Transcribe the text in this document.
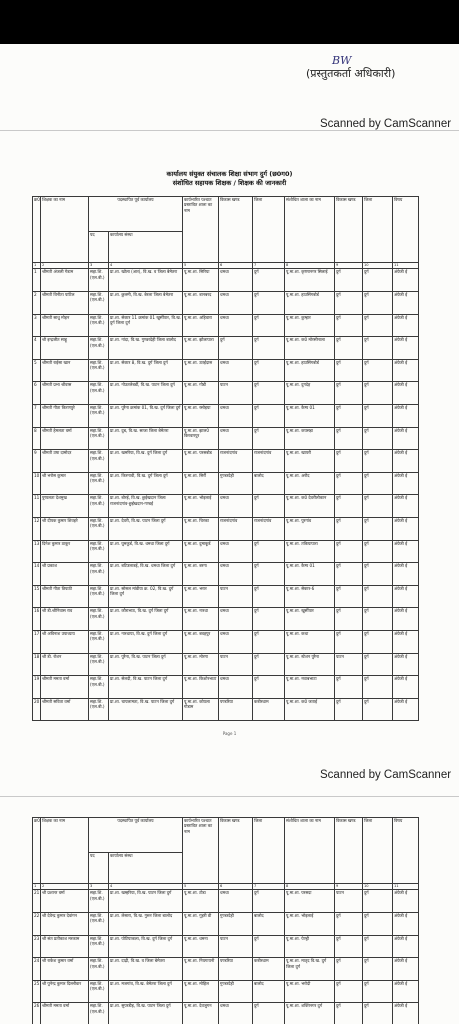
BW
(प्रस्तुतकर्ता अधिकारी)
Scanned by CamScanner
कार्यालय संयुक्त संचालक शिक्षा संभाग दुर्ग (छ0ग0)
संशोधित सहायक शिक्षक / शिक्षक की जानकारी
क्र0	शिक्षक का नाम	पदस्थापित पूर्व कार्यालय		कार्यभारित पश्चात प्रस्तावित शाला का नाम	विकास खण्ड	जिला	संशोधित शाला का नाम	विकास खण्ड	जिला	विषय
		पद	कार्यालय संस्था							
1	2	3	4	5	6	7	8	9	10	11
1	श्रीमती अंजली गेडाम	सहा.शि. (एल.बी.)	प्रा.शा. खोला (आर), वि.ख. व जिला बेमेतरा	पू.मा.शा. सिरिया	धमधा	दुर्ग	पू.मा.शा. कृष्णानगर सिलाई	दुर्ग	दुर्ग	अंग्रेजी ई
2	श्रीमती विनीता पाटिल	सहा.शि. (एल.बी.)	प्रा.शा. छुलमी, वि.ख. बेरला जिला बेमेतरा	पू.मा.शा. बानबरद	धमधा	दुर्ग	पू.मा.शा. हाउसिंगबोर्ड	दुर्ग	दुर्ग	अंग्रेजी ई
3	श्रीमती साधु मोहन	सहा.शि. (एल.बी.)	प्रा.शा. सेक्टर 11 क्रमांक 01 खुर्सीपार, वि.ख. दुर्ग जिला दुर्ग	पू.मा.शा. अहिवारा	धमधा	दुर्ग	पू.मा.शा. कुम्हार	दुर्ग	दुर्ग	अंग्रेजी ई
4	श्री इन्द्रजीत साहू	सहा.शि. (एल.बी.)	प्रा.शा. नांदा, वि.ख. गुण्डरदेही जिला बालोद	पू.मा.शा. झोलापारा	दुर्ग	दुर्ग	पू.मा.शा. क0 मोरसीनाला	दुर्ग	दुर्ग	अंग्रेजी ई
5	श्रीमती राईसा खान	सहा.शि. (एल.बी.)	प्रा.शा. सेक्टर 8, वि.ख. दुर्ग जिला दुर्ग	पू.मा.शा. उतईदास	धमधा	दुर्ग	पू.मा.शा. हाउसिंगबोर्ड	दुर्ग	दुर्ग	अंग्रेजी ई
6	श्रीमती प्रभा श्रीवास	सहा.शि. (एल.बी.)	प्रा.शा. नोउतलेबर्डी, वि.ख. पाटन जिला दुर्ग	पू.मा.शा. गोडी	पाटन	दुर्ग	पू.मा.शा. दुगदेह	दुर्ग	दुर्ग	अंग्रेजी ई
7	श्रीमती गीता किरणपुरे	सहा.शि. (एल.बी.)	प्रा.शा. पुरैना क्रमांक 01, वि.ख. दुर्ग जिला दुर्ग	पू.मा.शा. रसोइया	धमधा	दुर्ग	पू.मा.शा. कैम्प 01	दुर्ग	दुर्ग	अंग्रेजी ई
8	श्रीमती हेमलता वर्मा	सहा.शि. (एल.बी.)	प्रा.शा. दुब, वि.ख. साजा जिला बेमेतरा	पू.मा.शा. झाल0 किरवारपुर	धमधा	दुर्ग	पू.मा.शा. कपसड़ा	दुर्ग	दुर्ग	अंग्रेजी ई
9	श्रीमती उषा दामोदर	सहा.शि. (एल.बी.)	प्रा.शा. खमरिया, वि.ख. दुर्ग जिला दुर्ग	पू.मा.शा. परसबोड	राजनांदगांव	राजनांदगांव	पू.मा.शा. खापरी	दुर्ग	दुर्ग	अंग्रेजी ई
10	श्री भरोस कुमार	सहा.शि. (एल.बी.)	प्रा.शा. किरनावी, वि.ख. दुर्ग जिला दुर्ग	पू.मा.शा. सिर्री	गुण्डरदेही	बालोद	पू.मा.शा. अरौद	दुर्ग	दुर्ग	अंग्रेजी ई
11	पुष्पलता देशमुख	सहा.शि. (एल.बी.)	प्रा.शा. बोरई, वि.ख. छुईखदान जिला राजनांदगांव-छुईखदान-गण्डई	पू.मा.शा. भोइलाई	धमधा	दुर्ग	पू.मा.शा. क0 देवरीलोकान	दुर्ग	दुर्ग	अंग्रेजी ई
12	श्री दीपक कुमार शिवहरे	सहा.शि. (एल.बी.)	प्रा.शा. देवरी, वि.ख. पाटन जिला दुर्ग	पू.मा.शा. चिरका	राजनांदगांव	राजनांदगांव	पू.मा.शा. पुरगांव	दुर्ग	दुर्ग	अंग्रेजी ई
13	दिनेश कुमार ठाकुर	सहा.शि. (एल.बी.)	प्रा.शा. घुमकूर्ड, वि.ख. धमधा जिला दुर्ग	पू.मा.शा. दुमाकूर्ड	धमधा	दुर्ग	पू.मा.शा. तकियापारा	दुर्ग	दुर्ग	अंग्रेजी ई
14	श्री प्रकाश	सहा.शि. (एल.बी.)	प्रा.शा. बटिउलाडई, वि.ख. धमधा जिला दुर्ग	पू.मा.शा. बरगा	धमधा	दुर्ग	पू.मा.शा. कैम्प 01	दुर्ग	दुर्ग	अंग्रेजी ई
15	श्रीमती गीता त्रिपाठी	सहा.शि. (एल.बी.)	प्रा.शा. सोसल मांडीया क्र. 02, वि.ख. दुर्ग जिला दुर्ग	पू.मा.शा. भरार	पाटन	दुर्ग	पू.मा.शा. सेक्टर-6	दुर्ग	दुर्ग	अंग्रेजी ई
16	श्री डी.श्रीनिवास राव	सहा.शि. (एल.बी.)	प्रा.शा. कौराभाठ, वि.ख. दुर्ग जिला दुर्ग	पू.मा.शा. नारधा	धमधा	दुर्ग	पू.मा.शा. खुर्सीपार	दुर्ग	दुर्ग	अंग्रेजी ई
17	श्री अविनाश उपाध्याय	सहा.शि. (एल.बी.)	प्रा.शा. नारधाया, वि.ख. दुर्ग जिला दुर्ग	पू.मा.शा. बवहपुर	धमधा	दुर्ग	पू.मा.शा. कथा	दुर्ग	दुर्ग	अंग्रेजी ई
18	श्री डी. रोशन	सहा.शि. (एल.बी.)	प्रा.शा. पुरैना, वि.ख. पाटन जिला दुर्ग	पू.मा.शा. मोरगा	पाटन	दुर्ग	पू.मा.शा. स्टेशन पुरैना	पाटन	दुर्ग	अंग्रेजी ई
19	श्रीमती ममता वर्मा	सहा.शि. (एल.बी.)	प्रा.शा. सेलदी, वि.ख. पाटन जिला दुर्ग	पू.मा.शा. किशोरभाटा	धमधा	दुर्ग	पू.मा.शा. नवाबभाटा	दुर्ग	दुर्ग	अंग्रेजी ई
20	श्रीमती सविता वर्मा	सहा.शि. (एल.बी.)	प्रा.शा. चापलामता, वि.ख. पाटन जिला दुर्ग	पू.मा.शा. कोयला गोडाम	पण्डरिया	कबीरधाम	पू.मा.शा. क0 जताई	दुर्ग	दुर्ग	अंग्रेजी ई
Page 1
Scanned by CamScanner
क्र0	शिक्षक का नाम	पदस्थापित पूर्व कार्यालय		कार्यभारित पश्चात प्रस्तावित शाला का नाम	विकास खण्ड	जिला	संशोधित शाला का नाम	विकास खण्ड	जिला	विषय
		पद	कार्यालय संस्था							
1	2	3	4	5	6	7	8	9	10	11
21	श्री प्रशान्त वर्मा	सहा.शि. (एल.बी.)	प्रा.शा. खम्हरिया, वि.ख. पाटन जिला दुर्ग	पू.मा.शा. टोडा	धमधा	दुर्ग	पू.मा.शा. परसदा	पाटन	दुर्ग	अंग्रेजी ई
22	श्री देवेन्द्र कुमार देवांगन	सहा.शि. (एल.बी.)	प्रा.शा. लेसारा, वि.ख. गुरूर जिला बालोद	पू.मा.शा. गुहरी डी	गुण्डरदेही	बालोद	पू.मा.शा. भोइलाई	दुर्ग	दुर्ग	अंग्रेजी ई
23	श्री संत प्रतीकाश मरकाम	सहा.शि. (एल.बी.)	प्रा.शा. पोटियाकला, वि.ख. दुर्ग जिला दुर्ग	पू.मा.शा. धमना	पाटन	दुर्ग	पू.मा.शा. पेण्ड्री	दुर्ग	दुर्ग	अंग्रेजी ई
24	श्री राकेश कुमार वर्मा	सहा.शि. (एल.बी.)	प्रा.शा. दाढ़ी, वि.ख. व जिला बेमेतरा	पू.मा.शा. नियगायनी	पण्डरिया	कबीरधाम	पू.मा.शा. मातृद वि.ख. दुर्ग जिला दुर्ग	दुर्ग	दुर्ग	अंग्रेजी ई
25	श्री पुनेन्द्र कुमार दिल्लीवार	सहा.शि. (एल.बी.)	प्रा.शा. मजगांव, वि.ख. बेमेतरा जिला दुर्ग	पू.मा.शा. मोहिल	गुण्डरदेही	बालोद	पू.मा.शा. भरोदी	दुर्ग	दुर्ग	अंग्रेजी ई
26	श्रीमती ममता वर्मा	सहा.शि. (एल.बी.)	प्रा.शा. सुपरडीह, वि.ख. पाटन जिला दुर्ग	पू.मा.शा. देवजुगन	धमधा	दुर्ग	पू.मा.शा. शक्तिनगर दुर्ग	दुर्ग	दुर्ग	अंग्रेजी ई
